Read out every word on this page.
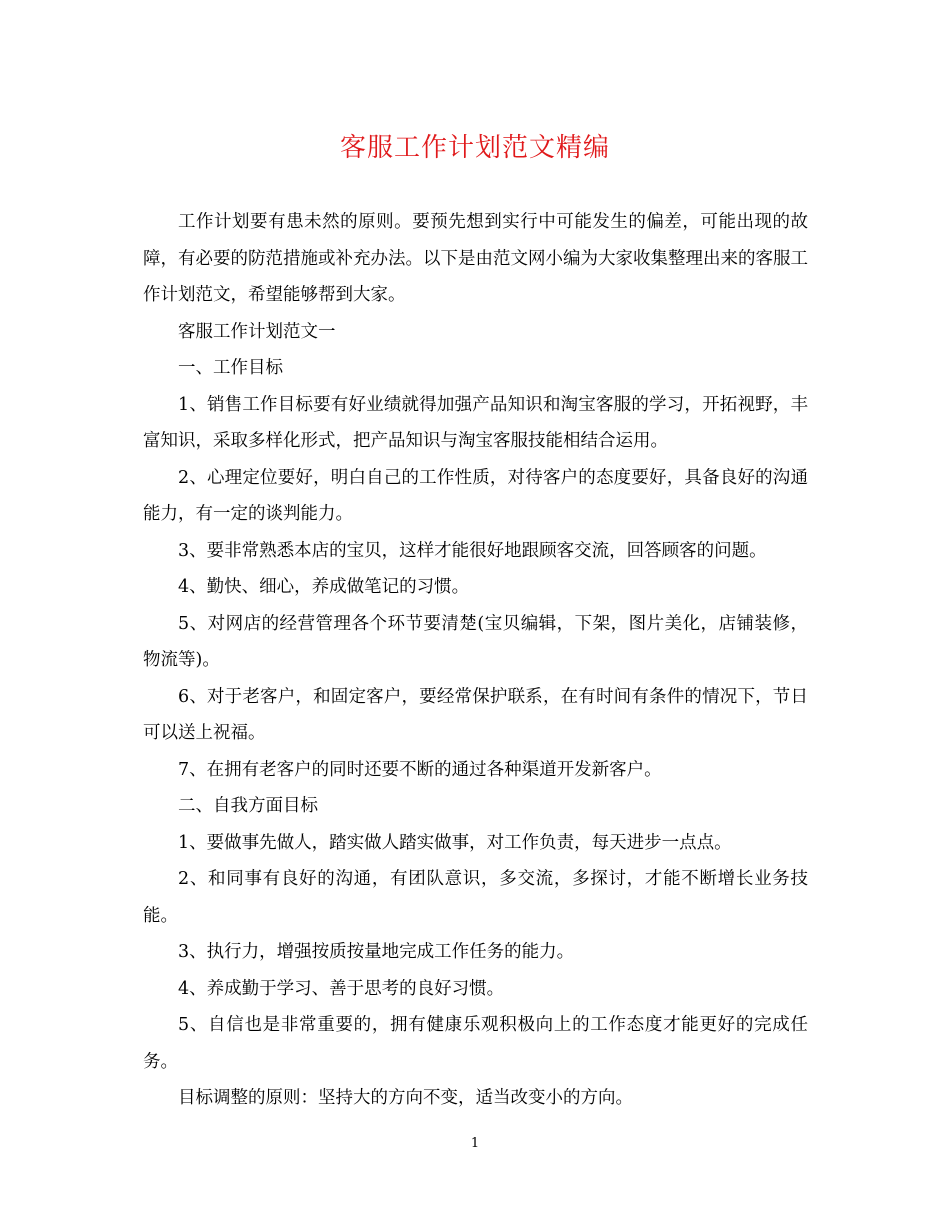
客服工作计划范文精编

工作计划要有患未然的原则。要预先想到实行中可能发生的偏差，可能出现的故障，有必要的防范措施或补充办法。以下是由范文网小编为大家收集整理出来的客服工作计划范文，希望能够帮到大家。

客服工作计划范文一

一、工作目标

1、销售工作目标要有好业绩就得加强产品知识和淘宝客服的学习，开拓视野，丰富知识，采取多样化形式，把产品知识与淘宝客服技能相结合运用。

2、心理定位要好，明白自己的工作性质，对待客户的态度要好，具备良好的沟通能力，有一定的谈判能力。

3、要非常熟悉本店的宝贝，这样才能很好地跟顾客交流，回答顾客的问题。

4、勤快、细心，养成做笔记的习惯。

5、对网店的经营管理各个环节要清楚(宝贝编辑，下架，图片美化，店铺装修，物流等)。

6、对于老客户，和固定客户，要经常保护联系，在有时间有条件的情况下，节日可以送上祝福。

7、在拥有老客户的同时还要不断的通过各种渠道开发新客户。

二、自我方面目标

1、要做事先做人，踏实做人踏实做事，对工作负责，每天进步一点点。

2、和同事有良好的沟通，有团队意识，多交流，多探讨，才能不断增长业务技能。

3、执行力，增强按质按量地完成工作任务的能力。

4、养成勤于学习、善于思考的良好习惯。

5、自信也是非常重要的，拥有健康乐观积极向上的工作态度才能更好的完成任务。

目标调整的原则：坚持大的方向不变，适当改变小的方向。

1
